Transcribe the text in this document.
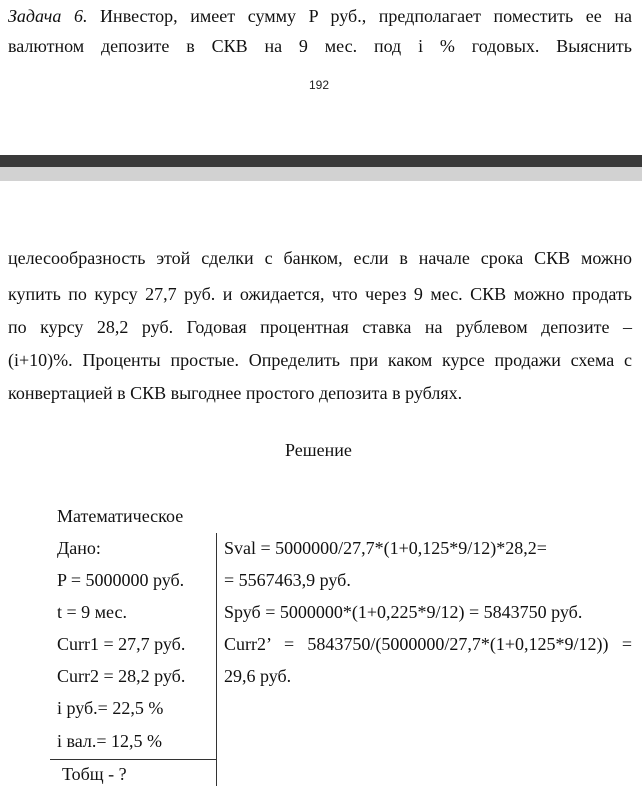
Задача 6. Инвестор, имеет сумму P руб., предполагает поместить ее на
валютном депозите в СКВ на 9 мес. под i % годовых. Выяснить
192
целесообразность этой сделки с банком, если в начале срока СКВ можно
купить по курсу 27,7 руб. и ожидается, что через 9 мес. СКВ можно продать
по курсу 28,2 руб. Годовая процентная ставка на рублевом депозите –
(i+10)%. Проценты простые. Определить при каком курсе продажи схема с
конвертацией в СКВ выгоднее простого депозита в рублях.
Решение
Математическое
Дано:
P = 5000000 руб.
t = 9 мес.
Curr1 = 27,7 руб.
Curr2 = 28,2 руб.
i руб.= 22,5 %
i вал.= 12,5 %
Тобщ - ?
Sval = 5000000/27,7*(1+0,125*9/12)*28,2=
= 5567463,9 руб.
Sруб = 5000000*(1+0,225*9/12) = 5843750 руб.
Curr2’ = 5843750/(5000000/27,7*(1+0,125*9/12)) =
29,6 руб.
